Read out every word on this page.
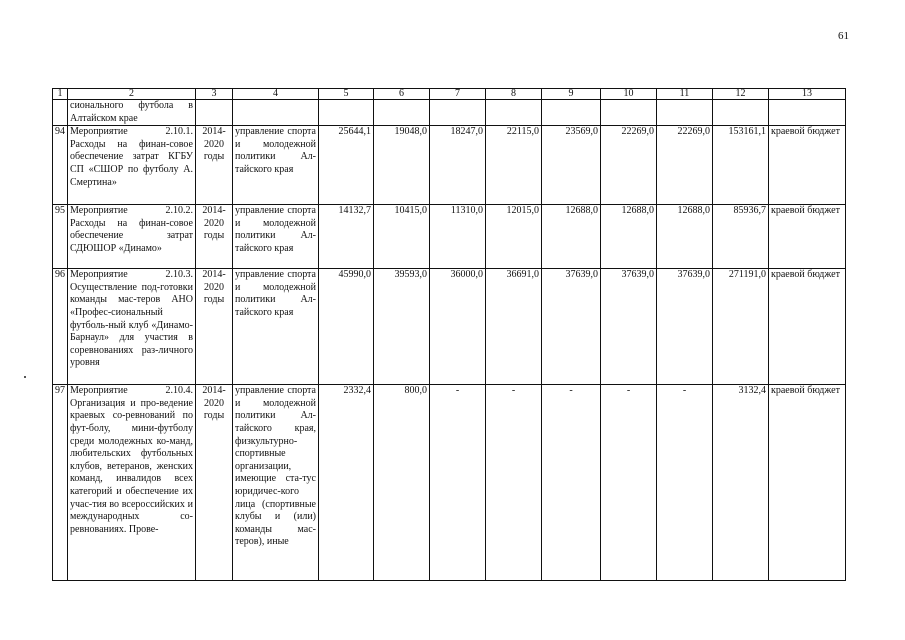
61
1	2	3	4	5	6	7	8	9	10	11	12	13
	сионального футбола в Алтайском крае											
94	Мероприятие 2.10.1. Расходы на финан-совое обеспечение затрат КГБУ СП «СШОР по футболу А. Смертина»	2014-2020 годы	управление спорта и молодежной политики Ал-тайского края	25644,1	19048,0	18247,0	22115,0	23569,0	22269,0	22269,0	153161,1	краевой бюджет
95	Мероприятие 2.10.2. Расходы на финан-совое обеспечение затрат СДЮШОР «Динамо»	2014-2020 годы	управление спорта и молодежной политики Ал-тайского края	14132,7	10415,0	11310,0	12015,0	12688,0	12688,0	12688,0	85936,7	краевой бюджет
96	Мероприятие 2.10.3. Осуществление под-готовки команды мас-теров АНО «Профес-сиональный футболь-ный клуб «Динамо-Барнаул» для участия в соревнованиях раз-личного уровня	2014-2020 годы	управление спорта и молодежной политики Ал-тайского края	45990,0	39593,0	36000,0	36691,0	37639,0	37639,0	37639,0	271191,0	краевой бюджет
97	Мероприятие 2.10.4. Организация и про-ведение краевых со-ревнований по фут-болу, мини-футболу среди молодежных ко-манд, любительских футбольных клубов, ветеранов, женских команд, инвалидов всех категорий и обеспечение их учас-тия во всероссийских и международных со-ревнованиях. Прове-	2014-2020 годы	управление спорта и молодежной политики Ал-тайского края, физкультурно-спортивные организации, имеющие ста-тус юридичес-кого лица (спортивные клубы и (или) команды мас-теров), иные	2332,4	800,0	-	-	-	-	-	3132,4	краевой бюджет
